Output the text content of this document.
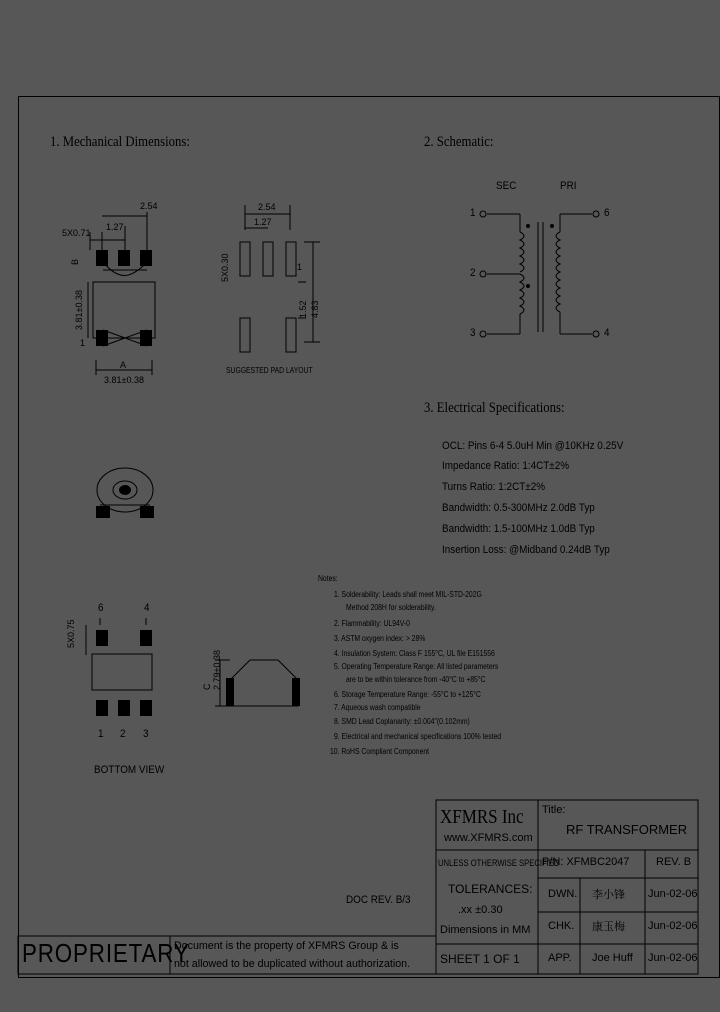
1. Mechanical Dimensions:	2. Schematic:
3. Electrical Specifications:
2.54
5X0.71
1.27
B
3.81±0.38
1
A
3.81±0.38
2.54
1.27
5X0.30	1
1.52 4.83
SUGGESTED PAD LAYOUT
6	4
5X0.75
1 2 3
BOTTOM VIEW
C 2.79±0.38
SEC	PRI
1
2
3
6
4
OCL: Pins 6-4 5.0uH Min @10KHz 0.25V
Impedance Ratio: 1:4CT±2%
Turns Ratio: 1:2CT±2%
Bandwidth: 0.5-300MHz 2.0dB Typ
Bandwidth: 1.5-100MHz 1.0dB Typ
Insertion Loss: @Midband 0.24dB Typ
Notes:
1. Solderability: Leads shall meet MIL-STD-202G
Method 208H for solderability.
2. Flammability: UL94V-0
3. ASTM oxygen index: > 28%
4. Insulation System: Class F 155°C, UL file E151556
5. Operating Temperature Range: All listed parameters
are to be within tolerance from -40°C to +85°C
6. Storage Temperature Range: -55°C to +125°C
7. Aqueous wash compatible
8. SMD Lead Coplanarity: ±0.004"(0.102mm)
9. Electrical and mechanical specifications 100% tested
10. RoHS Compliant Component
DOC REV. B/3
XFMRS Inc
www.XFMRS.com
Title:
RF TRANSFORMER
UNLESS OTHERWISE SPECIFIED
P/N: XFMBC2047 REV. B
TOLERANCES:
.xx ±0.30
Dimensions in MM
DWN. 李小锋 Jun-02-06
CHK. 康玉梅 Jun-02-06
SHEET 1 OF 1	APP. Joe Huff Jun-02-06
PROPRIETARY
Document is the property of XFMRS Group & is
not allowed to be duplicated without authorization.
